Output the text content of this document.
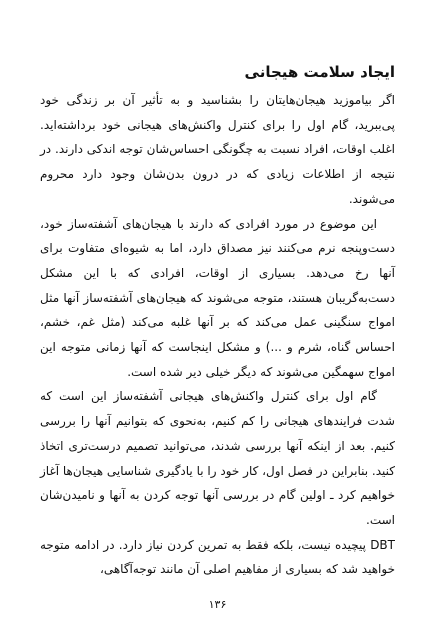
ایجاد سلامت هیجانی

اگر بیاموزید هیجان‌هایتان را بشناسید و به تأثیر آن بر زندگی خود پی‌ببرید، گام اول را برای کنترل واکنش‌های هیجانی خود برداشته‌اید. اغلب اوقات، افراد نسبت به چگونگی احساس‌شان توجه اندکی دارند. در نتیجه از اطلاعات زیادی که در درون بدن‌شان وجود دارد محروم می‌شوند.

این موضوع در مورد افرادی که دارند با هیجان‌های آشفته‌ساز خود، دست‌وپنجه نرم می‌کنند نیز مصداق دارد، اما به شیوه‌ای متفاوت برای آنها رخ می‌دهد. بسیاری از اوقات، افرادی که با این مشکل دست‌به‌گریبان هستند، متوجه می‌شوند که هیجان‌های آشفته‌ساز آنها مثل امواج سنگینی عمل می‌کند که بر آنها غلبه می‌کند (مثل غم، خشم، احساس گناه، شرم و ...) و مشکل اینجاست که آنها زمانی متوجه این امواج سهمگین می‌شوند که دیگر خیلی دیر شده است.

گام اول برای کنترل واکنش‌های هیجانی آشفته‌ساز این است که شدت فرایندهای هیجانی را کم کنیم، به‌نحوی که بتوانیم آنها را بررسی کنیم. بعد از اینکه آنها بررسی شدند، می‌توانید تصمیم درست‌تری اتخاذ کنید. بنابراین در فصل اول، کار خود را با یادگیری شناسایی هیجان‌ها آغاز خواهیم کرد ـ اولین گام در بررسی آنها توجه کردن به آنها و نامیدن‌شان است.

DBT پیچیده نیست، بلکه فقط به تمرین کردن نیاز دارد. در ادامه متوجه خواهید شد که بسیاری از مفاهیم اصلی آن مانند توجه‌آگاهی،

۱۳۶
